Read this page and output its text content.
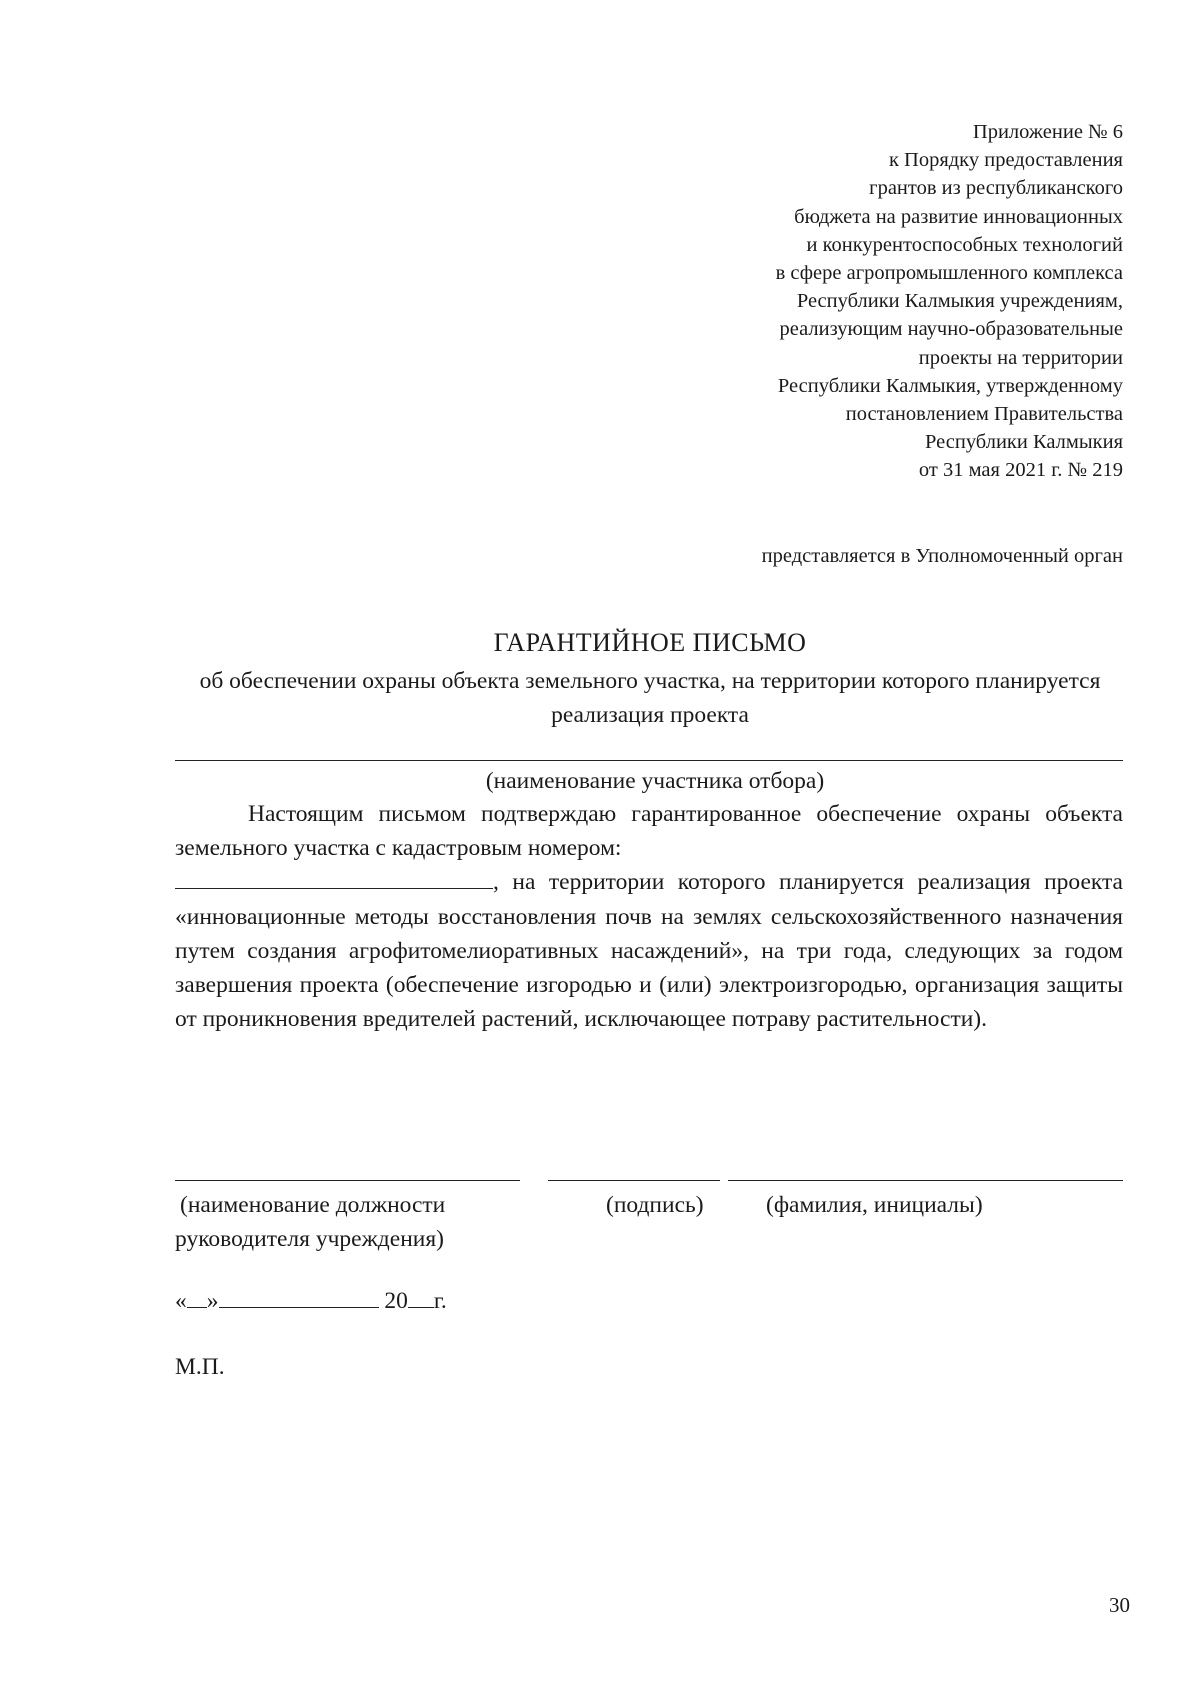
Приложение № 6
к Порядку предоставления
грантов из республиканского
бюджета на развитие инновационных
и конкурентоспособных технологий
в сфере агропромышленного комплекса
Республики Калмыкия учреждениям,
реализующим научно-образовательные
проекты на территории
Республики Калмыкия, утвержденному
постановлением Правительства
Республики Калмыкия
от 31 мая 2021 г. № 219
представляется в Уполномоченный орган
ГАРАНТИЙНОЕ ПИСЬМО
об обеспечении охраны объекта земельного участка, на территории которого планируется реализация проекта
(наименование участника отбора)

Настоящим письмом подтверждаю гарантированное обеспечение охраны объекта земельного участка с кадастровым номером:
, на территории которого планируется реализация проекта «инновационные методы восстановления почв на землях сельскохозяйственного назначения путем создания агрофитомелиоративных насаждений», на три года, следующих за годом завершения проекта (обеспечение изгородью и (или) электроизгородью, организация защиты от проникновения вредителей растений, исключающее потраву растительности).

(наименование должности
руководителя учреждения)
(подпись)	(фамилия, инициалы)
« »	20 г.
М.П.
30
